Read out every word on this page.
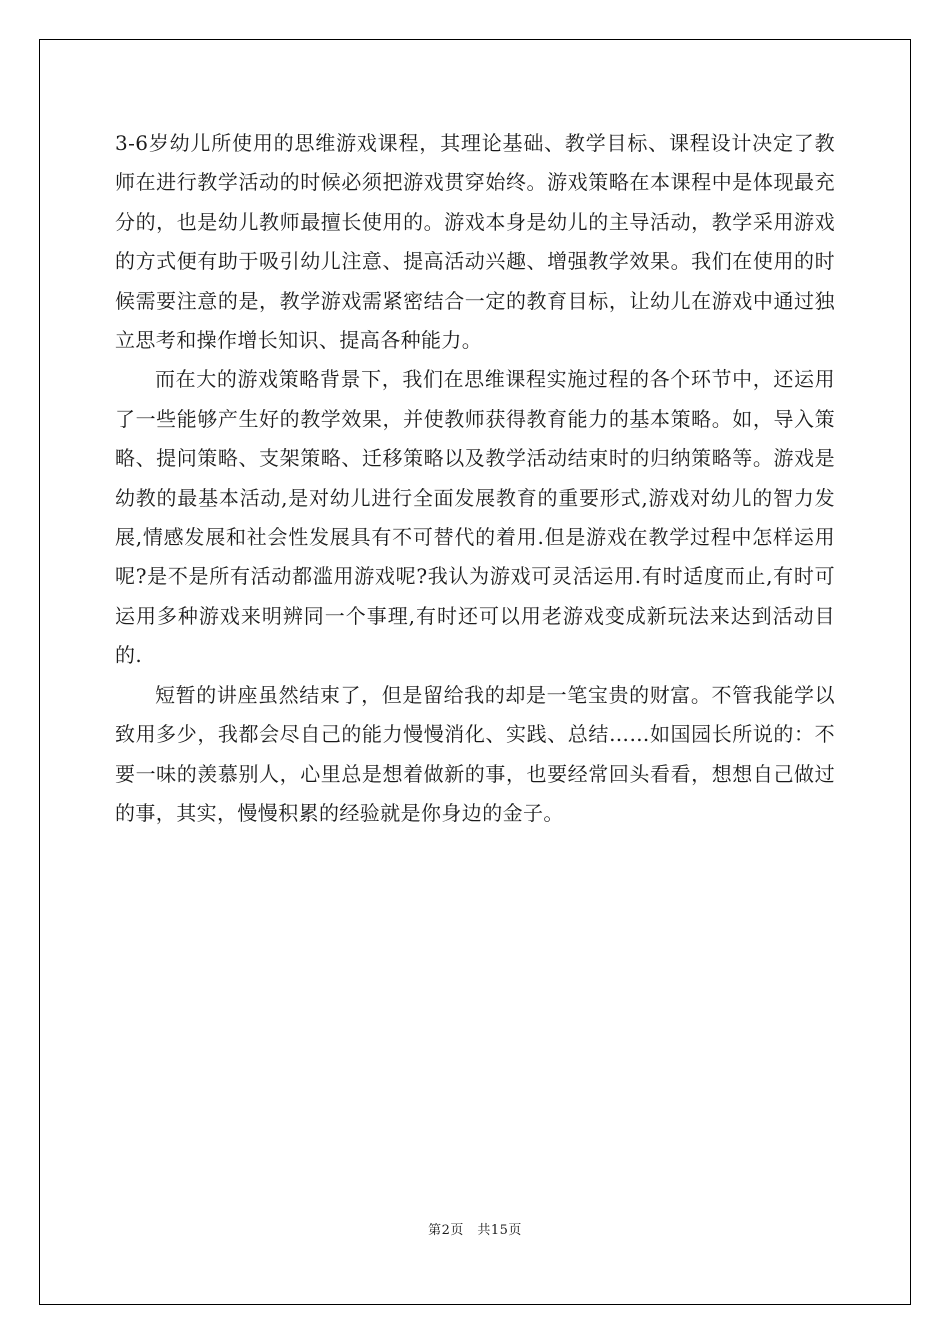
3-6岁幼儿所使用的思维游戏课程，其理论基础、教学目标、课程设计决定了教师在进行教学活动的时候必须把游戏贯穿始终。游戏策略在本课程中是体现最充分的，也是幼儿教师最擅长使用的。游戏本身是幼儿的主导活动，教学采用游戏的方式便有助于吸引幼儿注意、提高活动兴趣、增强教学效果。我们在使用的时候需要注意的是，教学游戏需紧密结合一定的教育目标，让幼儿在游戏中通过独立思考和操作增长知识、提高各种能力。

而在大的游戏策略背景下，我们在思维课程实施过程的各个环节中，还运用了一些能够产生好的教学效果，并使教师获得教育能力的基本策略。如，导入策略、提问策略、支架策略、迁移策略以及教学活动结束时的归纳策略等。游戏是幼教的最基本活动,是对幼儿进行全面发展教育的重要形式,游戏对幼儿的智力发展,情感发展和社会性发展具有不可替代的着用.但是游戏在教学过程中怎样运用呢?是不是所有活动都滥用游戏呢?我认为游戏可灵活运用.有时适度而止,有时可运用多种游戏来明辨同一个事理,有时还可以用老游戏变成新玩法来达到活动目的.

短暂的讲座虽然结束了，但是留给我的却是一笔宝贵的财富。不管我能学以致用多少，我都会尽自己的能力慢慢消化、实践、总结……如国园长所说的：不要一味的羡慕别人，心里总是想着做新的事，也要经常回头看看，想想自己做过的事，其实，慢慢积累的经验就是你身边的金子。

第2页　共15页
